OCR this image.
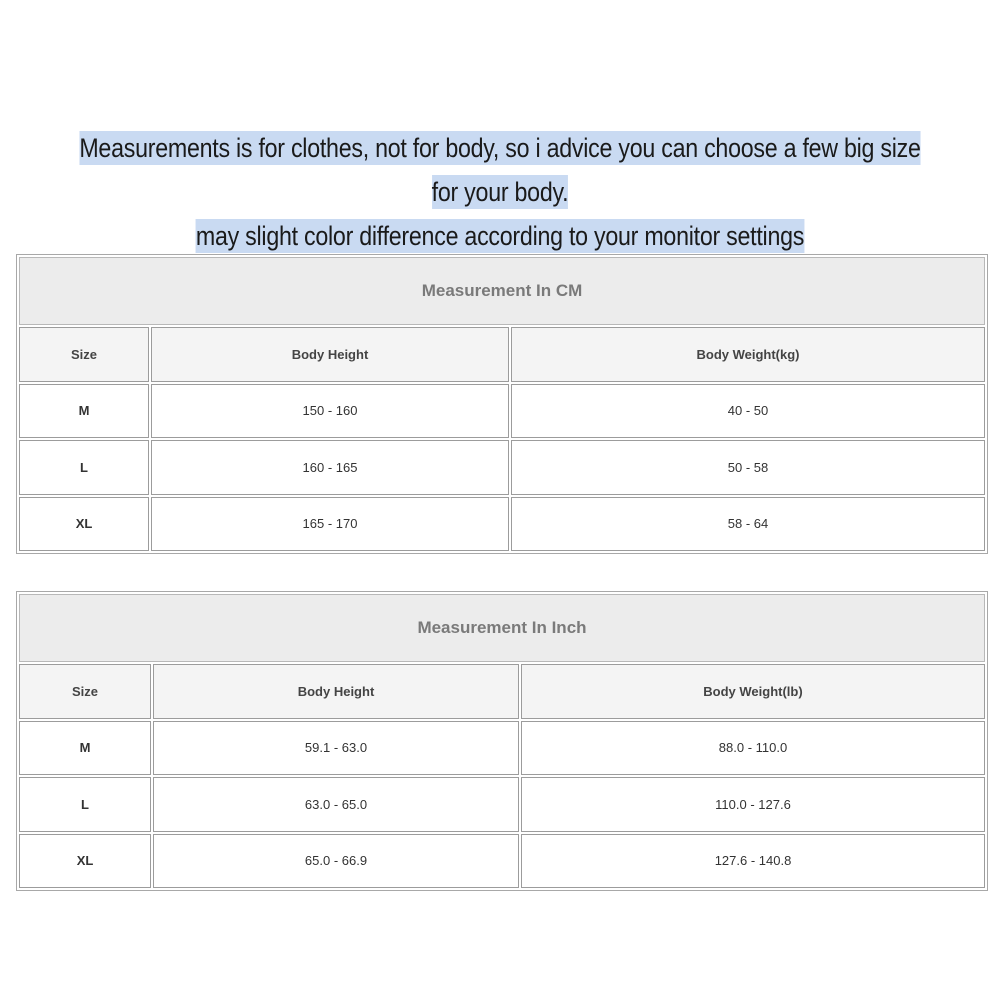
Measurements is for clothes, not for body, so i advice you can choose a few big size for your body.
may slight color difference according to your monitor settings
Measurement In CM		
Size	Body Height	Body Weight(kg)
M	150 - 160	40 - 50
L	160 - 165	50 - 58
XL	165 - 170	58 - 64
Measurement In Inch		
Size	Body Height	Body Weight(lb)
M	59.1 - 63.0	88.0 - 110.0
L	63.0 - 65.0	110.0 - 127.6
XL	65.0 - 66.9	127.6 - 140.8
